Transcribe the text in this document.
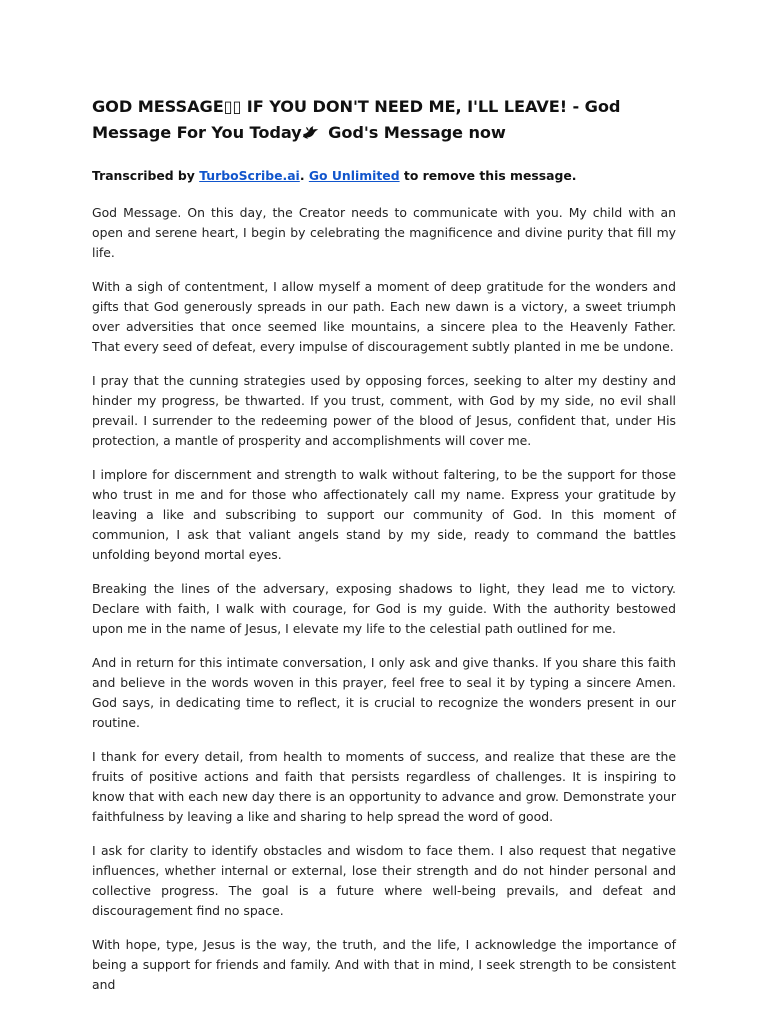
GOD MESSAGE▯▯ IF YOU DON'T NEED ME, I'LL LEAVE! - God Message For You Today God's Message now

Transcribed by TurboScribe.ai. Go Unlimited to remove this message.

God Message. On this day, the Creator needs to communicate with you. My child with an open and serene heart, I begin by celebrating the magnificence and divine purity that fill my life.

With a sigh of contentment, I allow myself a moment of deep gratitude for the wonders and gifts that God generously spreads in our path. Each new dawn is a victory, a sweet triumph over adversities that once seemed like mountains, a sincere plea to the Heavenly Father. That every seed of defeat, every impulse of discouragement subtly planted in me be undone.

I pray that the cunning strategies used by opposing forces, seeking to alter my destiny and hinder my progress, be thwarted. If you trust, comment, with God by my side, no evil shall prevail. I surrender to the redeeming power of the blood of Jesus, confident that, under His protection, a mantle of prosperity and accomplishments will cover me.

I implore for discernment and strength to walk without faltering, to be the support for those who trust in me and for those who affectionately call my name. Express your gratitude by leaving a like and subscribing to support our community of God. In this moment of communion, I ask that valiant angels stand by my side, ready to command the battles unfolding beyond mortal eyes.

Breaking the lines of the adversary, exposing shadows to light, they lead me to victory. Declare with faith, I walk with courage, for God is my guide. With the authority bestowed upon me in the name of Jesus, I elevate my life to the celestial path outlined for me.

And in return for this intimate conversation, I only ask and give thanks. If you share this faith and believe in the words woven in this prayer, feel free to seal it by typing a sincere Amen. God says, in dedicating time to reflect, it is crucial to recognize the wonders present in our routine.

I thank for every detail, from health to moments of success, and realize that these are the fruits of positive actions and faith that persists regardless of challenges. It is inspiring to know that with each new day there is an opportunity to advance and grow. Demonstrate your faithfulness by leaving a like and sharing to help spread the word of good.

I ask for clarity to identify obstacles and wisdom to face them. I also request that negative influences, whether internal or external, lose their strength and do not hinder personal and collective progress. The goal is a future where well-being prevails, and defeat and discouragement find no space.

With hope, type, Jesus is the way, the truth, and the life, I acknowledge the importance of being a support for friends and family. And with that in mind, I seek strength to be consistent and
